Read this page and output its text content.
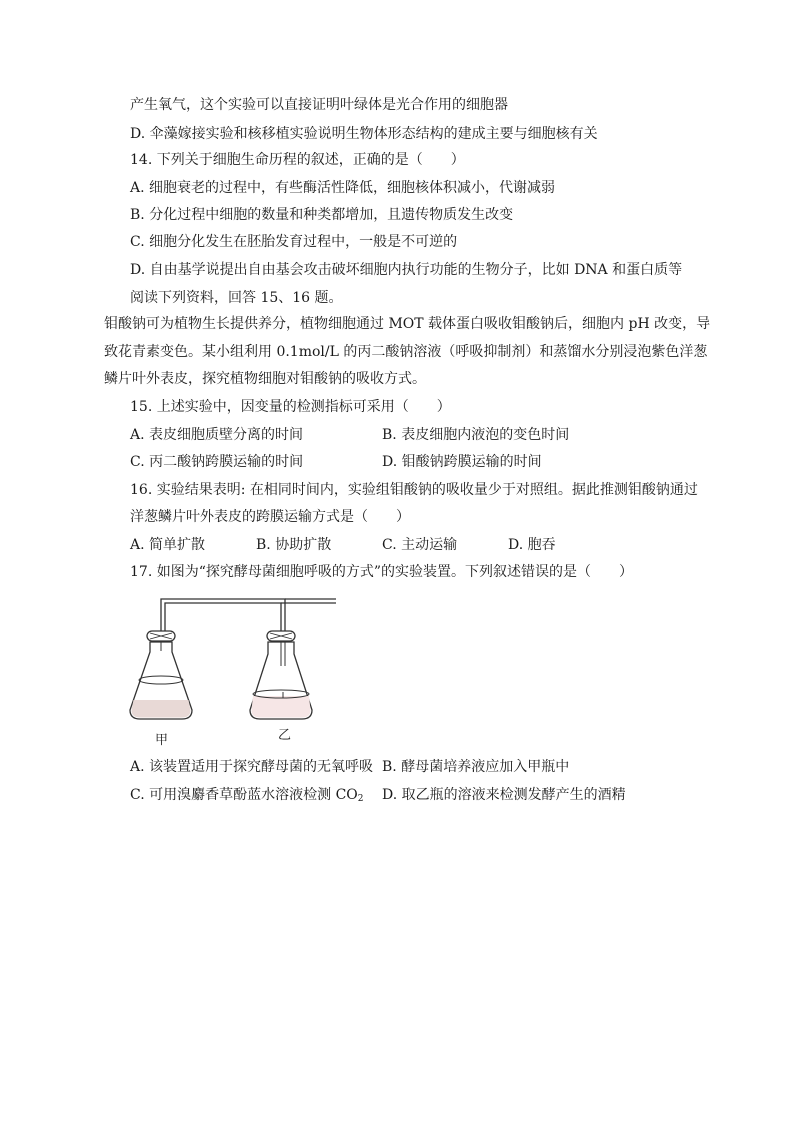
产生氧气，这个实验可以直接证明叶绿体是光合作用的细胞器
D. 伞藻嫁接实验和核移植实验说明生物体形态结构的建成主要与细胞核有关
14. 下列关于细胞生命历程的叙述，正确的是（　　）
A. 细胞衰老的过程中，有些酶活性降低，细胞核体积减小，代谢减弱
B. 分化过程中细胞的数量和种类都增加，且遗传物质发生改变
C. 细胞分化发生在胚胎发育过程中，一般是不可逆的
D. 自由基学说提出自由基会攻击破坏细胞内执行功能的生物分子，比如 DNA 和蛋白质等
阅读下列资料，回答 15、16 题。
钼酸钠可为植物生长提供养分，植物细胞通过 MOT 载体蛋白吸收钼酸钠后，细胞内 pH 改变，导
致花青素变色。某小组利用 0.1mol/L 的丙二酸钠溶液（呼吸抑制剂）和蒸馏水分别浸泡紫色洋葱
鳞片叶外表皮，探究植物细胞对钼酸钠的吸收方式。
15. 上述实验中，因变量的检测指标可采用（　　）
A. 表皮细胞质壁分离的时间	B. 表皮细胞内液泡的变色时间
C. 丙二酸钠跨膜运输的时间	D. 钼酸钠跨膜运输的时间
16. 实验结果表明: 在相同时间内，实验组钼酸钠的吸收量少于对照组。据此推测钼酸钠通过
洋葱鳞片叶外表皮的跨膜运输方式是（　　）
A. 简单扩散	B. 协助扩散	C. 主动运输	D. 胞吞
17. 如图为“探究酵母菌细胞呼吸的方式”的实验装置。下列叙述错误的是（　　）
甲	乙
A. 该装置适用于探究酵母菌的无氧呼吸 B. 酵母菌培养液应加入甲瓶中
C. 可用溴麝香草酚蓝水溶液检测 $CO_2$ D. 取乙瓶的溶液来检测发酵产生的酒精
